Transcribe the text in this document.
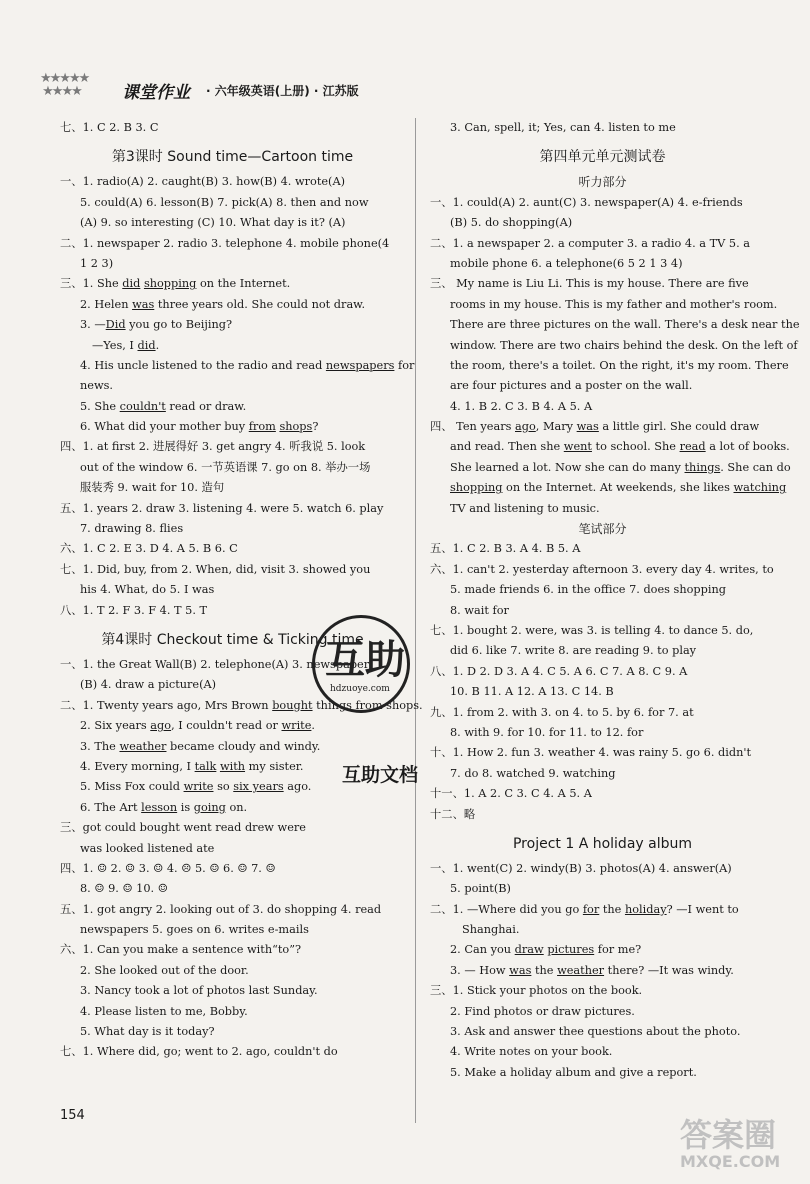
★★★★★
★★★★	课堂作业 · 六年级英语(上册) · 江苏版
七、1. C 2. B 3. C
第3课时 Sound time—Cartoon time
一、1. radio(A) 2. caught(B) 3. how(B) 4. wrote(A)
5. could(A) 6. lesson(B) 7. pick(A) 8. then and now
(A) 9. so interesting (C) 10. What day is it? (A)
二、1. newspaper 2. radio 3. telephone 4. mobile phone(4
1 2 3)
三、1. She did shopping on the Internet.
2. Helen was three years old. She could not draw.
3. —Did you go to Beijing?
—Yes, I did.
4. His uncle listened to the radio and read newspapers for
news.
5. She couldn't read or draw.
6. What did your mother buy from shops?
四、1. at first 2. 进展得好 3. get angry 4. 听我说 5. look
out of the window 6. 一节英语课 7. go on 8. 举办一场
服装秀 9. wait for 10. 造句
五、1. years 2. draw 3. listening 4. were 5. watch 6. play
7. drawing 8. flies
六、1. C 2. E 3. D 4. A 5. B 6. C
七、1. Did, buy, from 2. When, did, visit 3. showed you
his 4. What, do 5. I was
八、1. T 2. F 3. F 4. T 5. T
第4课时 Checkout time & Ticking time
一、1. the Great Wall(B) 2. telephone(A) 3. newspaper
(B) 4. draw a picture(A)
二、1. Twenty years ago, Mrs Brown bought things from shops.
2. Six years ago, I couldn't read or write.
3. The weather became cloudy and windy.
4. Every morning, I talk with my sister.
5. Miss Fox could write so six years ago.
6. The Art lesson is going on.
三、got could bought went read drew were
was looked listened ate
四、1. ☺ 2. ☺ 3. ☺ 4. ☹ 5. ☺ 6. ☺ 7. ☺
8. ☺ 9. ☺ 10. ☺
五、1. got angry 2. looking out of 3. do shopping 4. read
newspapers 5. goes on 6. writes e-mails
六、1. Can you make a sentence with“to”?
2. She looked out of the door.
3. Nancy took a lot of photos last Sunday.
4. Please listen to me, Bobby.
5. What day is it today?
七、1. Where did, go; went to 2. ago, couldn't do
3. Can, spell, it; Yes, can 4. listen to me
第四单元单元测试卷
听力部分
一、1. could(A) 2. aunt(C) 3. newspaper(A) 4. e-friends
(B) 5. do shopping(A)
二、1. a newspaper 2. a computer 3. a radio 4. a TV 5. a
mobile phone 6. a telephone(6 5 2 1 3 4)
三、 My name is Liu Li. This is my house. There are five
rooms in my house. This is my father and mother's room.
There are three pictures on the wall. There's a desk near the
window. There are two chairs behind the desk. On the left of
the room, there's a toilet. On the right, it's my room. There
are four pictures and a poster on the wall.
4. 1. B 2. C 3. B 4. A 5. A
四、 Ten years ago, Mary was a little girl. She could draw
and read. Then she went to school. She read a lot of books.
She learned a lot. Now she can do many things. She can do
shopping on the Internet. At weekends, she likes watching
TV and listening to music.
笔试部分
五、1. C 2. B 3. A 4. B 5. A
六、1. can't 2. yesterday afternoon 3. every day 4. writes, to
5. made friends 6. in the office 7. does shopping
8. wait for
七、1. bought 2. were, was 3. is telling 4. to dance 5. do,
did 6. like 7. write 8. are reading 9. to play
八、1. D 2. D 3. A 4. C 5. A 6. C 7. A 8. C 9. A
10. B 11. A 12. A 13. C 14. B
九、1. from 2. with 3. on 4. to 5. by 6. for 7. at
8. with 9. for 10. for 11. to 12. for
十、1. How 2. fun 3. weather 4. was rainy 5. go 6. didn't
7. do 8. watched 9. watching
十一、1. A 2. C 3. C 4. A 5. A
十二、略
Project 1 A holiday album
一、1. went(C) 2. windy(B) 3. photos(A) 4. answer(A)
5. point(B)
二、1. —Where did you go for the holiday? —I went to
Shanghai.
2. Can you draw pictures for me?
3. — How was the weather there? —It was windy.
三、1. Stick your photos on the book.
2. Find photos or draw pictures.
3. Ask and answer thee questions about the photo.
4. Write notes on your book.
5. Make a holiday album and give a report.
154
互助
hdzuoye.com
互助文档
答案圈
MXQE.COM
